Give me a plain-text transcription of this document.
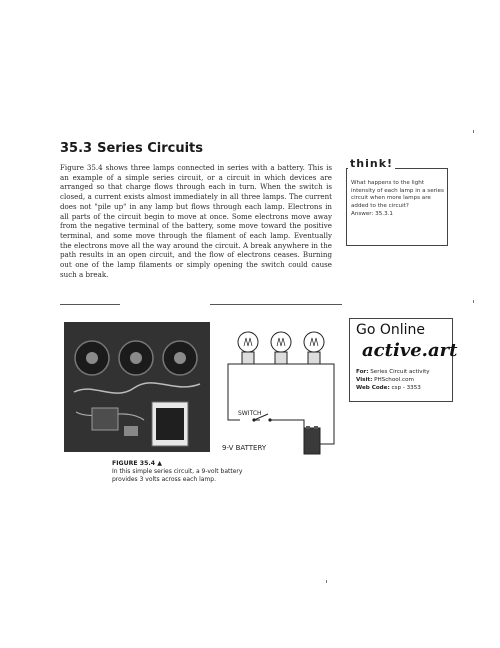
35.3 Series Circuits
Figure 35.4 shows three lamps connected in series with a battery. This is an example of a simple series circuit, or a circuit in which devices are arranged so that charge flows through each in turn. When the switch is closed, a current exists almost immediately in all three lamps. The current does not "pile up" in any lamp but flows through each lamp. Electrons in all parts of the circuit begin to move at once. Some electrons move away from the negative terminal of the battery, some move toward the positive terminal, and some move through the filament of each lamp. Eventually the electrons move all the way around the circuit. A break anywhere in the path results in an open circuit, and the flow of electrons ceases. Burning out one of the lamp filaments or simply opening the switch could cause such a break.
think!
What happens to the light intensity of each lamp in a series circuit when more lamps are added to the circuit?
Answer: 35.3.1
SWITCH
9-V BATTERY
Go Online
active.art
For: Series Circuit activity
Visit: PHSchool.com
Web Code: csp - 3353
FIGURE 35.4 ▲
In this simple series circuit, a 9-volt battery provides 3 volts across each lamp.
